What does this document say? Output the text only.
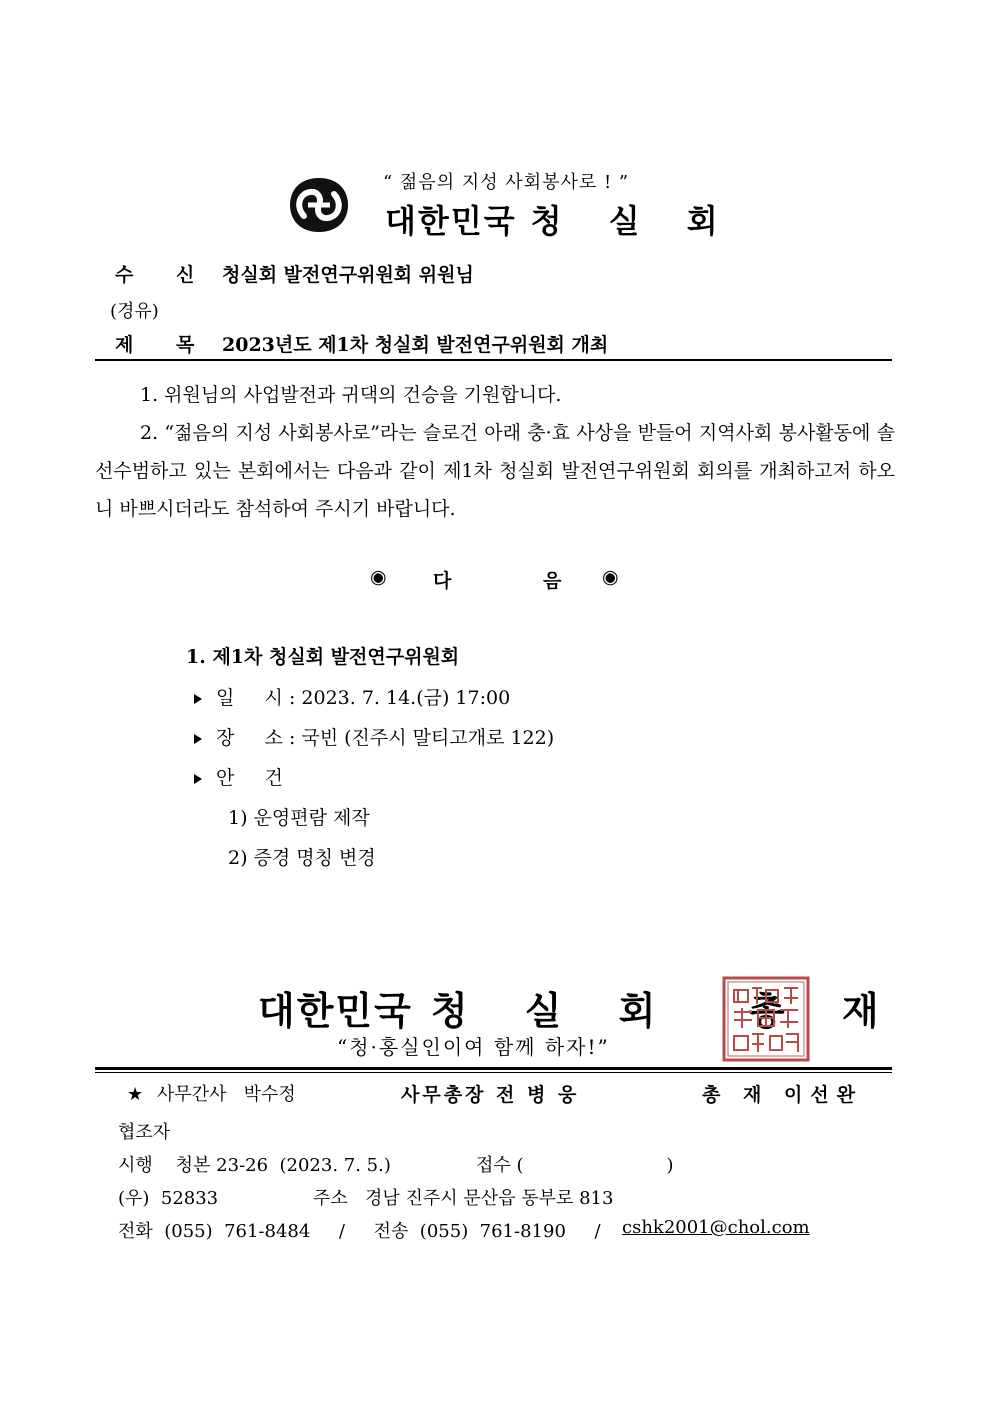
“ 젊음의 지성 사회봉사로 ! ”
대한민국 청 실 회
수 신 청실회 발전연구위원회 위원님
(경유)
제 목 2023년도 제1차 청실회 발전연구위원회 개최
1. 위원님의 사업발전과 귀댁의 건승을 기원합니다.
2. “젊음의 지성 사회봉사로”라는 슬로건 아래 충·효 사상을 받들어 지역사회 봉사활동에 솔선수범하고 있는 본회에서는 다음과 같이 제1차 청실회 발전연구위원회 회의를 개최하고저 하오니 바쁘시더라도 참석하여 주시기 바랍니다.
◉ 다	음 ◉
1. 제1차 청실회 발전연구위원회
일     시 : 2023. 7. 14.(금) 17:00
장     소 : 국빈 (진주시 말티고개로 122)
안     건
1) 운영편람 제작
2) 증경 명칭 변경
대한민국 청 실 회  총 재
“청·홍실인이여 함께 하자!”
★ 사무간사   박수정	사무총장 전 병 웅	총 재 이선완
협조자
시행    청본 23-26  (2023. 7. 5.)	접수 (                         )
(우)  52833	주소   경남 진주시 문산읍 동부로 813
전화  (055)  761-8484     /     전송  (055)  761-8190     / cshk2001@chol.com
